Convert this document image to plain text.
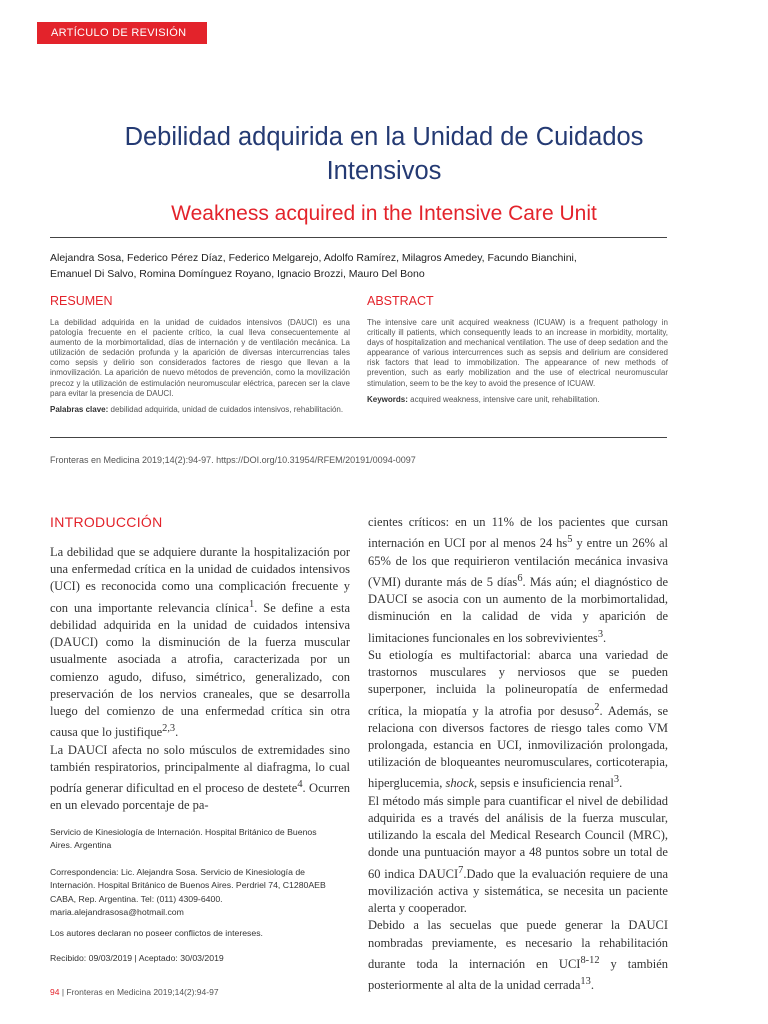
ARTÍCULO DE REVISIÓN
Debilidad adquirida en la Unidad de Cuidados
Intensivos
Weakness acquired in the Intensive Care Unit
Alejandra Sosa, Federico Pérez Díaz, Federico Melgarejo, Adolfo Ramírez, Milagros Amedey, Facundo Bianchini,
Emanuel Di Salvo, Romina Domínguez Royano, Ignacio Brozzi, Mauro Del Bono
RESUMEN
La debilidad adquirida en la unidad de cuidados intensivos (DAUCI) es una patología frecuente en el paciente crítico, la cual lleva consecuentemente al aumento de la morbimortalidad, días de internación y de ventilación mecánica. La utilización de sedación profunda y la aparición de diversas intercurrencias tales como sepsis y delirio son considerados factores de riesgo que llevan a la inmovilización. La aparición de nuevo métodos de prevención, como la movilización precoz y la utilización de estimulación neuromuscular eléctrica, parecen ser la clave para evitar la presencia de DAUCI.
Palabras clave: debilidad adquirida, unidad de cuidados intensivos, rehabilitación.
ABSTRACT
The intensive care unit acquired weakness (ICUAW) is a frequent pathology in critically ill patients, which consequently leads to an increase in morbidity, mortality, days of hospitalization and mechanical ventilation. The use of deep sedation and the appearance of various intercurrences such as sepsis and delirium are considered risk factors that lead to immobilization. The appearance of new methods of prevention, such as early mobilization and the use of electrical neuromuscular stimulation, seem to be the key to avoid the presence of ICUAW.
Keywords: acquired weakness, intensive care unit, rehabilitation.
Fronteras en Medicina 2019;14(2):94-97. https://DOI.org/10.31954/RFEM/20191/0094-0097
INTRODUCCIÓN

La debilidad que se adquiere durante la hospitalización por una enfermedad crítica en la unidad de cuidados intensivos (UCI) es reconocida como una complicación frecuente y con una importante relevancia clínica$^1$. Se define a esta debilidad adquirida en la unidad de cuidados intensiva (DAUCI) como la disminución de la fuerza muscular usualmente asociada a atrofia, caracterizada por un comienzo agudo, difuso, simétrico, generalizado, con preservación de los nervios craneales, que se desarrolla luego del comienzo de una enfermedad crítica sin otra causa que lo justifique$^{2,3}$.

La DAUCI afecta no solo músculos de extremidades sino también respiratorios, principalmente al diafragma, lo cual podría generar dificultad en el proceso de destete$^4$. Ocurren en un elevado porcentaje de pa-

cientes críticos: en un 11% de los pacientes que cursan internación en UCI por al menos 24 $hs^5$ y entre un 26% al 65% de los que requirieron ventilación mecánica invasiva (VMI) durante más de 5 días$^6$. Más aún; el diagnóstico de DAUCI se asocia con un aumento de la morbimortalidad, disminución en la calidad de vida y aparición de limitaciones funcionales en los sobrevivientes$^3$.

Su etiología es multifactorial: abarca una variedad de trastornos musculares y nerviosos que se pueden superponer, incluida la polineuropatía de enfermedad crítica, la miopatía y la atrofia por desuso$^2$. Además, se relaciona con diversos factores de riesgo tales como VM prolongada, estancia en UCI, inmovilización prolongada, utilización de bloqueantes neuromusculares, corticoterapia, hiperglucemia, shock, sepsis e insuficiencia renal$^3$.

El método más simple para cuantificar el nivel de debilidad adquirida es a través del análisis de la fuerza muscular, utilizando la escala del Medical Research Council (MRC), donde una puntuación mayor a 48 puntos sobre un total de 60 indica DAUCI$^7$.Dado que la evaluación requiere de una movilización activa y sistemática, se necesita un paciente alerta y cooperador.

Debido a las secuelas que puede generar la DAUCI nombradas previamente, es necesario la rehabilitación durante toda la internación en UCI$^{8-12}$ y también posteriormente al alta de la unidad cerrada$^{13}$.

Servicio de Kinesiología de Internación. Hospital Británico de Buenos Aires. Argentina
Correspondencia: Lic. Alejandra Sosa. Servicio de Kinesiología de Internación. Hospital Británico de Buenos Aires. Perdriel 74, C1280AEB CABA, Rep. Argentina. Tel: (011) 4309-6400. maria.alejandrasosa@hotmail.com
Los autores declaran no poseer conflictos de intereses.
Recibido: 09/03/2019 | Aceptado: 30/03/2019
94 | Fronteras en Medicina 2019;14(2):94-97
